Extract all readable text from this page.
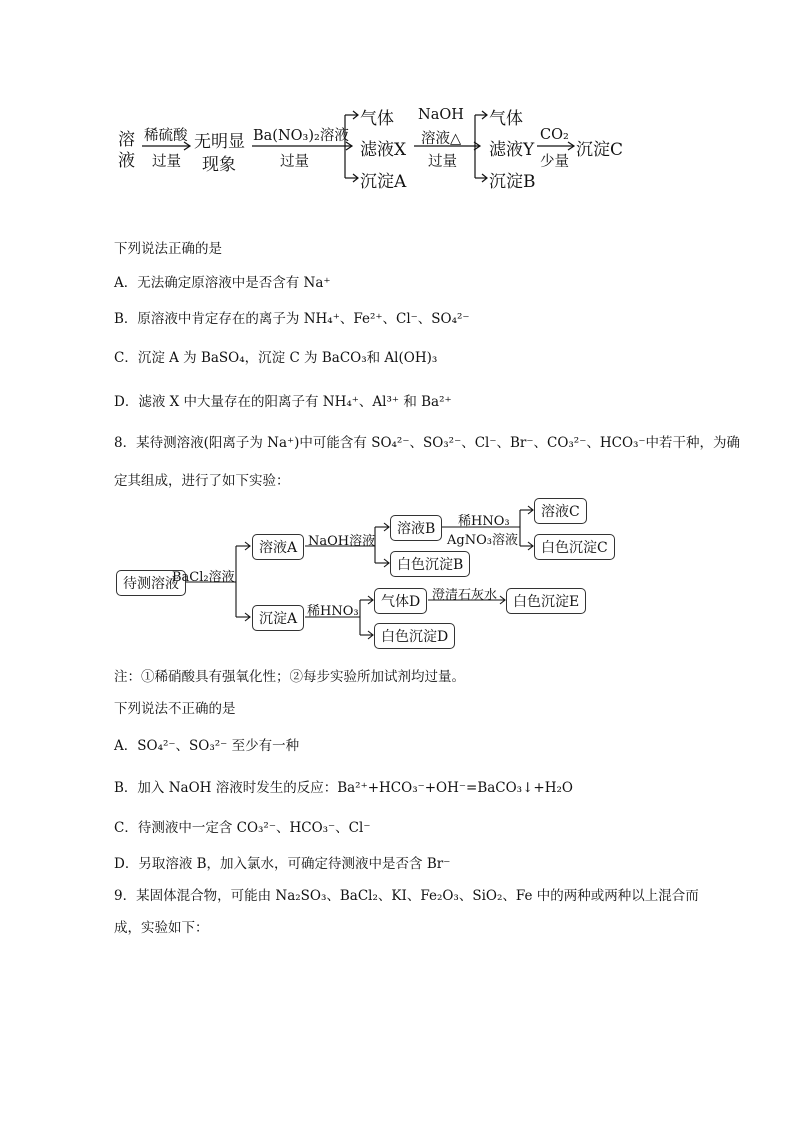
溶
液
稀硫酸
过量
无明显
现象
Ba(NO₃)₂溶液
过量
气体
滤液X
沉淀A
NaOH
溶液△
过量
气体
滤液Y
沉淀B
CO₂
少量
沉淀C
下列说法正确的是
A．无法确定原溶液中是否含有 Na⁺
B．原溶液中肯定存在的离子为 NH₄⁺、Fe²⁺、Cl⁻、SO₄²⁻
C．沉淀 A 为 BaSO₄，沉淀 C 为 BaCO₃和 Al(OH)₃
D．滤液 X 中大量存在的阳离子有 NH₄⁺、Al³⁺ 和 Ba²⁺
8．某待测溶液(阳离子为 Na⁺)中可能含有 SO₄²⁻、SO₃²⁻、Cl⁻、Br⁻、CO₃²⁻、HCO₃⁻中若干种，为确
定其组成，进行了如下实验：
待测溶液
BaCl₂溶液
溶液A NaOH溶液
溶液B	稀HNO₃
AgNO₃溶液
溶液C
白色沉淀C
白色沉淀B
沉淀A 稀HNO₃
气体D 澄清石灰水	白色沉淀E
白色沉淀D
注：①稀硝酸具有强氧化性；②每步实验所加试剂均过量。
下列说法不正确的是
A．SO₄²⁻、SO₃²⁻ 至少有一种
B．加入 NaOH 溶液时发生的反应：Ba²⁺+HCO₃⁻+OH⁻=BaCO₃↓+H₂O
C．待测液中一定含 CO₃²⁻、HCO₃⁻、Cl⁻
D．另取溶液 B，加入氯水，可确定待测液中是否含 Br⁻
9．某固体混合物，可能由 Na₂SO₃、BaCl₂、KI、Fe₂O₃、SiO₂、Fe 中的两种或两种以上混合而
成，实验如下：
